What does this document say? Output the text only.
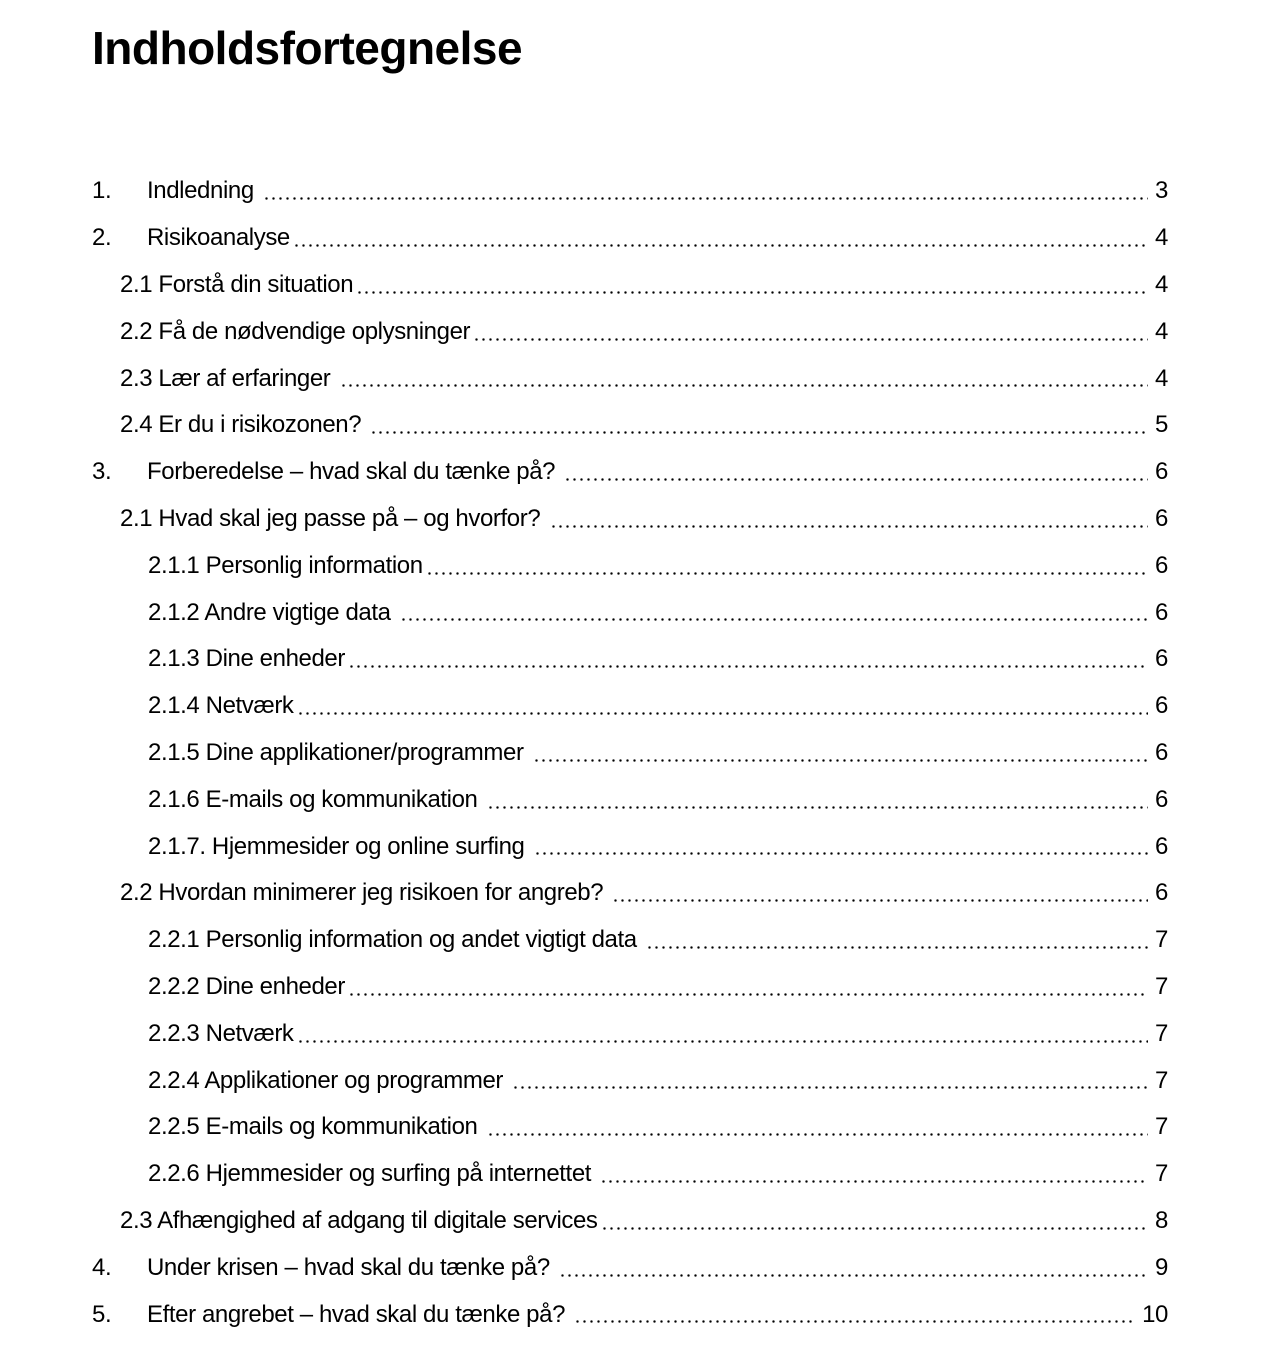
Indholdsfortegnelse
1.	Indledning	3
2.	Risikoanalyse	4
2.1 Forstå din situation	4
2.2 Få de nødvendige oplysninger	4
2.3 Lær af erfaringer	4
2.4 Er du i risikozonen?	5
3.	Forberedelse – hvad skal du tænke på?	6
2.1 Hvad skal jeg passe på – og hvorfor?	6
2.1.1 Personlig information	6
2.1.2 Andre vigtige data	6
2.1.3 Dine enheder	6
2.1.4 Netværk	6
2.1.5 Dine applikationer/programmer	6
2.1.6 E-mails og kommunikation	6
2.1.7. Hjemmesider og online surfing	6
2.2 Hvordan minimerer jeg risikoen for angreb?	6
2.2.1 Personlig information og andet vigtigt data	7
2.2.2 Dine enheder	7
2.2.3 Netværk	7
2.2.4 Applikationer og programmer	7
2.2.5 E-mails og kommunikation	7
2.2.6 Hjemmesider og surfing på internettet	7
2.3 Afhængighed af adgang til digitale services	8
4.	Under krisen – hvad skal du tænke på?	9
5.	Efter angrebet – hvad skal du tænke på?	10
